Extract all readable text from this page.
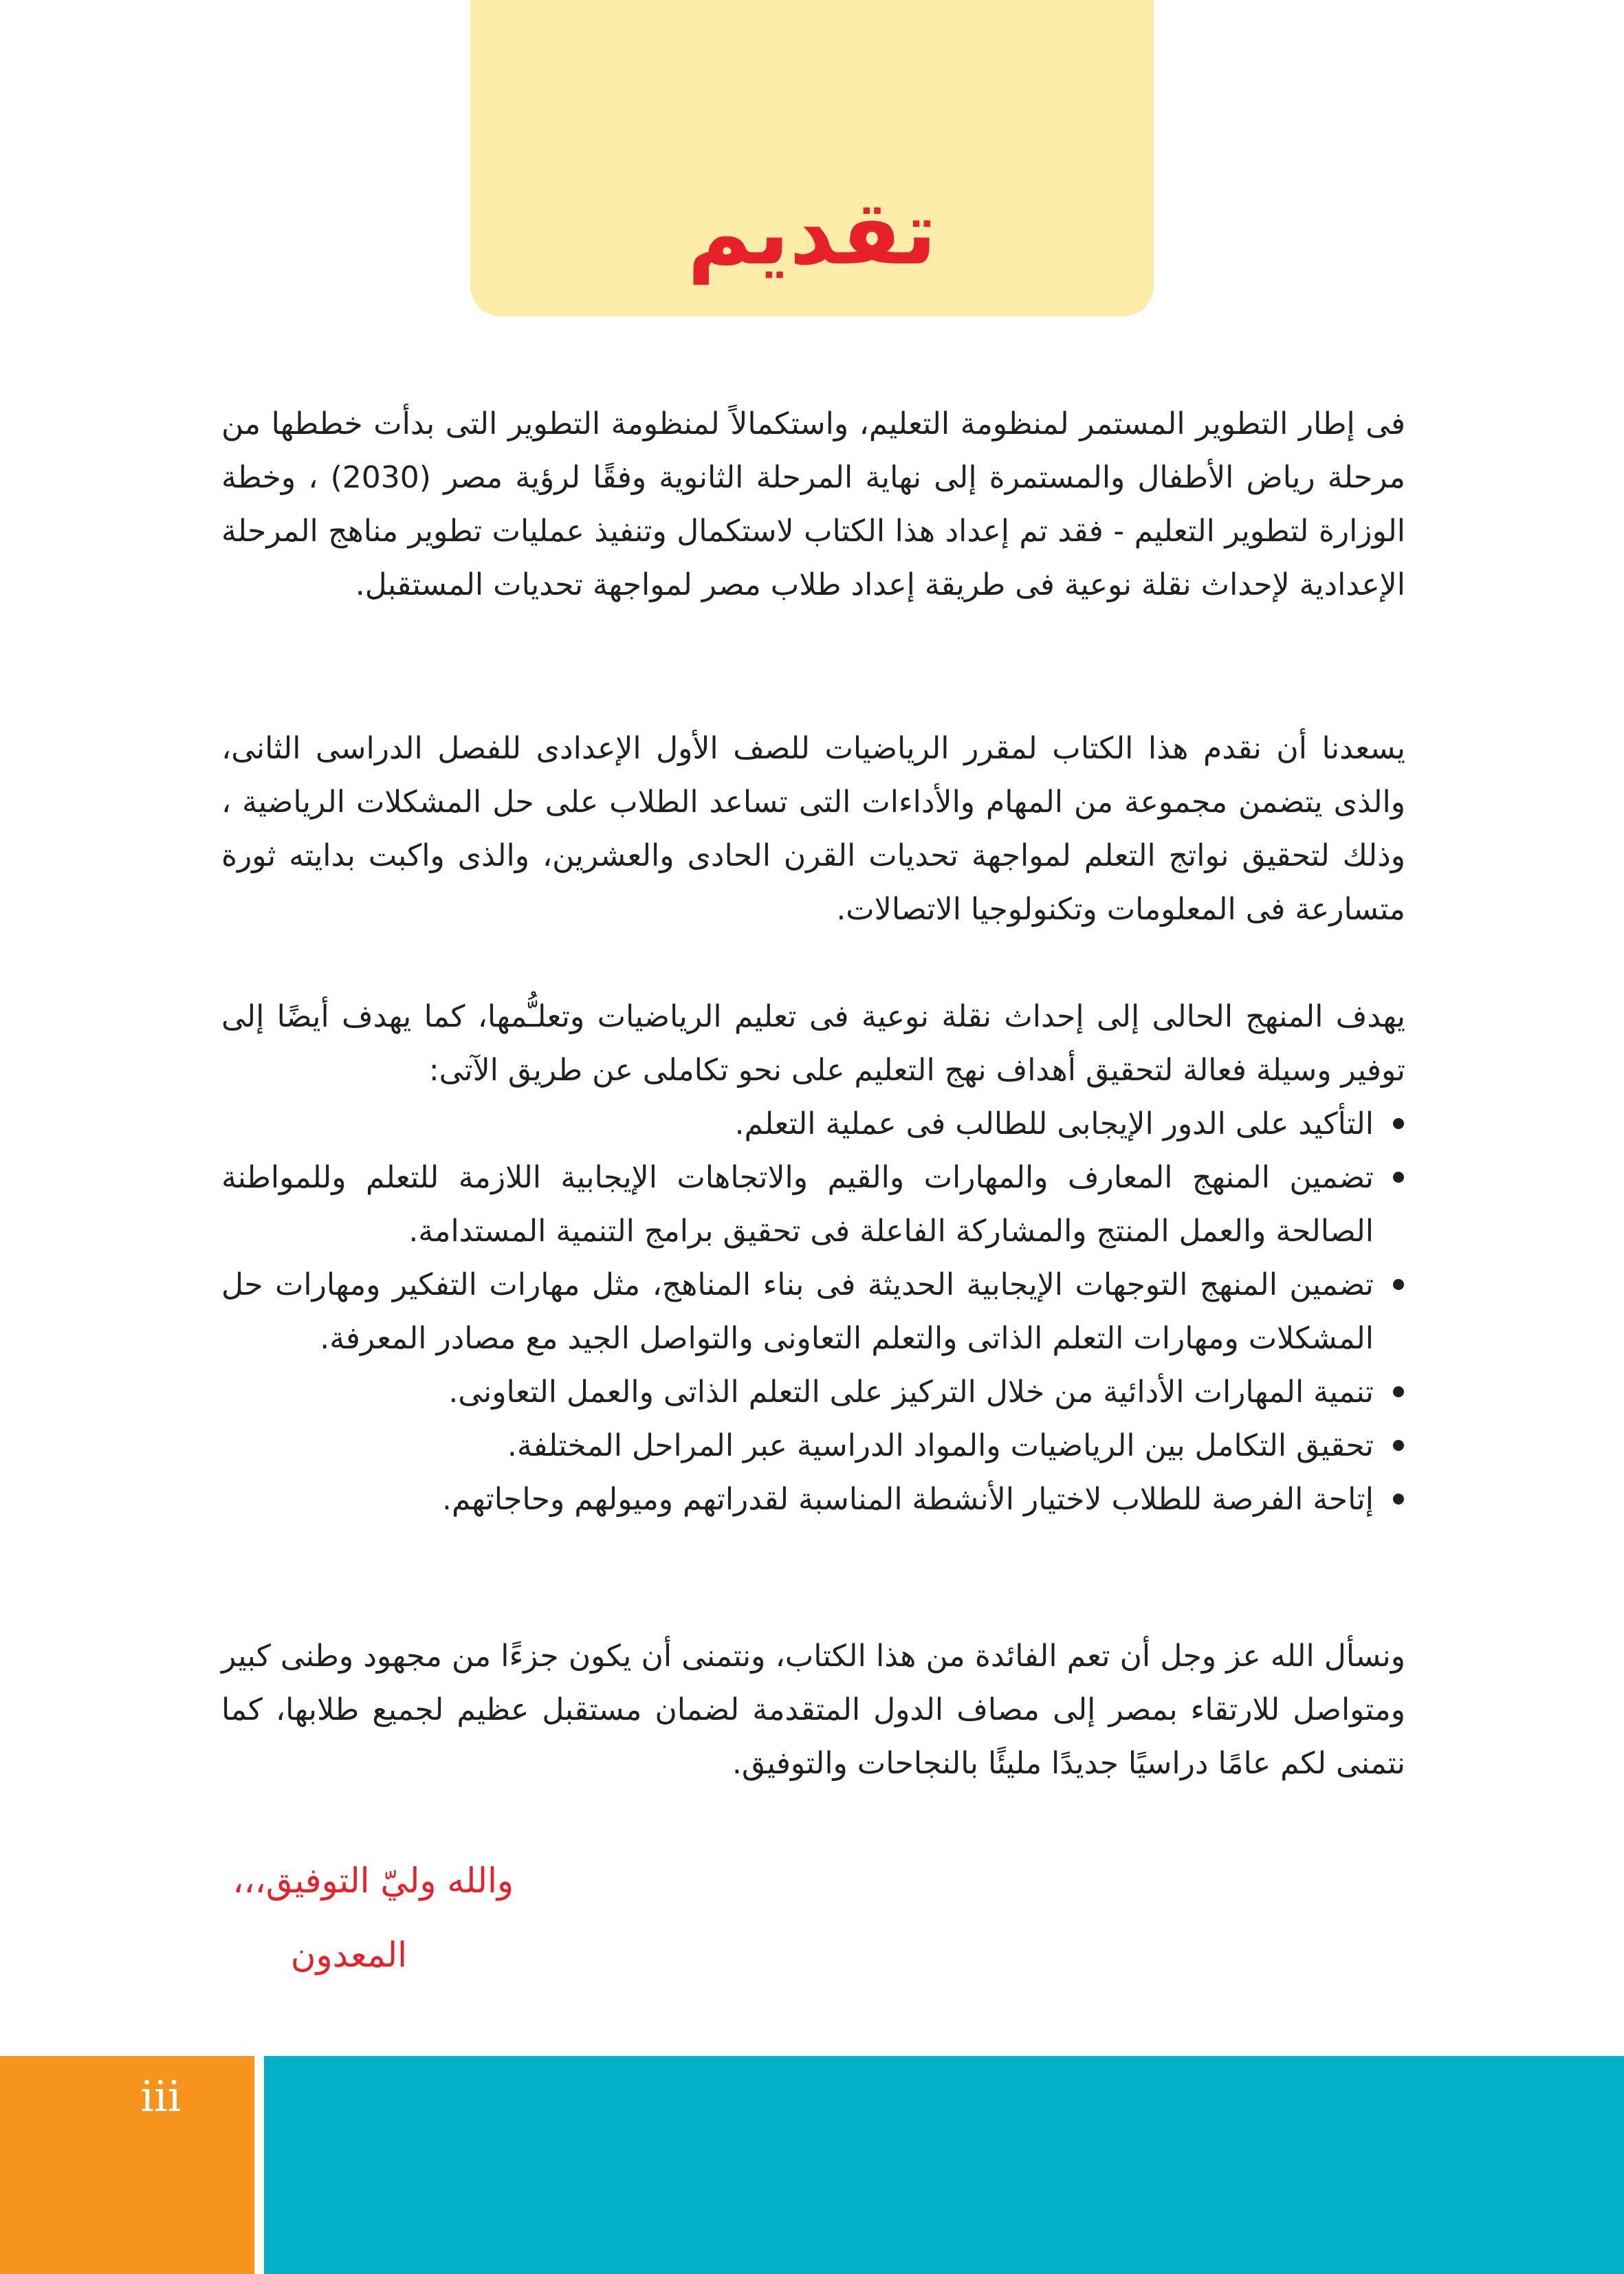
تقديم

فى إطار التطوير المستمر لمنظومة التعليم، واستكمالاً لمنظومة التطوير التى بدأت خططها من مرحلة رياض الأطفال والمستمرة إلى نهاية المرحلة الثانوية وفقًا لرؤية مصر (2030) ، وخطة الوزارة لتطوير التعليم - فقد تم إعداد هذا الكتاب لاستكمال وتنفيذ عمليات تطوير مناهج المرحلة الإعدادية لإحداث نقلة نوعية فى طريقة إعداد طلاب مصر لمواجهة تحديات المستقبل.

يسعدنا أن نقدم هذا الكتاب لمقرر الرياضيات للصف الأول الإعدادى للفصل الدراسى الثانى، والذى يتضمن مجموعة من المهام والأداءات التى تساعد الطلاب على حل المشكلات الرياضية ، وذلك لتحقيق نواتج التعلم لمواجهة تحديات القرن الحادى والعشرين، والذى واكبت بدايته ثورة متسارعة فى المعلومات وتكنولوجيا الاتصالات.

يهدف المنهج الحالى إلى إحداث نقلة نوعية فى تعليم الرياضيات وتعلـُّمها، كما يهدف أيضًا إلى توفير وسيلة فعالة لتحقيق أهداف نهج التعليم على نحو تكاملى عن طريق الآتى:

التأكيد على الدور الإيجابى للطالب فى عملية التعلم.
تضمين المنهج المعارف والمهارات والقيم والاتجاهات الإيجابية اللازمة للتعلم وللمواطنة الصالحة والعمل المنتج والمشاركة الفاعلة فى تحقيق برامج التنمية المستدامة.
تضمين المنهج التوجهات الإيجابية الحديثة فى بناء المناهج، مثل مهارات التفكير ومهارات حل المشكلات ومهارات التعلم الذاتى والتعلم التعاونى والتواصل الجيد مع مصادر المعرفة.
تنمية المهارات الأدائية من خلال التركيز على التعلم الذاتى والعمل التعاونى.
تحقيق التكامل بين الرياضيات والمواد الدراسية عبر المراحل المختلفة.
إتاحة الفرصة للطلاب لاختيار الأنشطة المناسبة لقدراتهم وميولهم وحاجاتهم.

ونسأل الله عز وجل أن تعم الفائدة من هذا الكتاب، ونتمنى أن يكون جزءًا من مجهود وطنى كبير ومتواصل للارتقاء بمصر إلى مصاف الدول المتقدمة لضمان مستقبل عظيم لجميع طلابها، كما نتمنى لكم عامًا دراسيًا جديدًا مليئًا بالنجاحات والتوفيق.

والله وليّ التوفيق،،،
المعدون
iii
